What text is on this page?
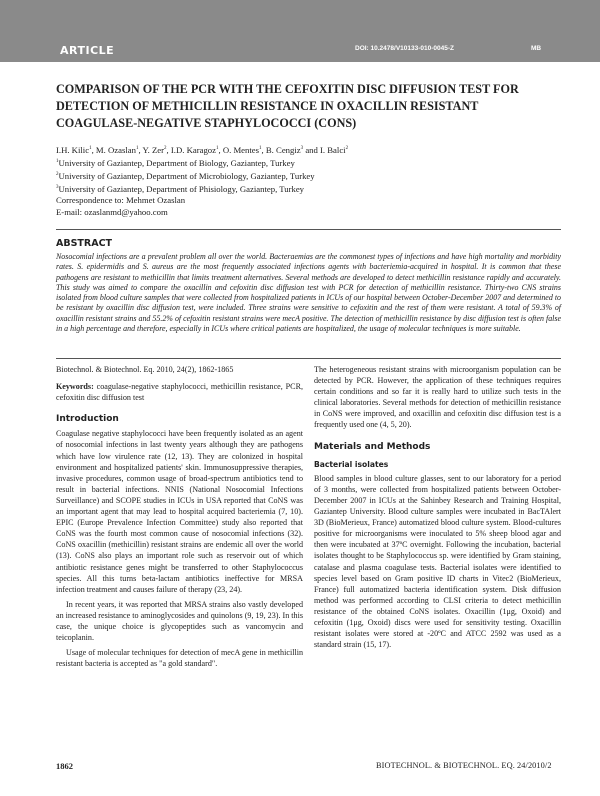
ARTICLE	DOI: 10.2478/V10133-010-0045-Z	MB
COMPARISON OF THE PCR WITH THE CEFOXITIN DISC DIFFUSION TEST FOR DETECTION OF METHICILLIN RESISTANCE IN OXACILLIN RESISTANT COAGULASE-NEGATIVE STAPHYLOCOCCI (CONS)
I.H. Kilic$^1$, M. Ozaslan$^1$, Y. Zer$^2$, I.D. Karagoz$^1$, O. Mentes$^1$, B. Cengiz$^3$ and I. Balci$^2$
$^1$University of Gaziantep, Department of Biology, Gaziantep, Turkey
$^2$University of Gaziantep, Department of Microbiology, Gaziantep, Turkey
$^3$University of Gaziantep, Department of Phisiology, Gaziantep, Turkey
Correspondence to: Mehmet Ozaslan
E-mail: ozaslanmd@yahoo.com
ABSTRACT

Nosocomial infections are a prevalent problem all over the world. Bacteraemias are the commonest types of infections and have high mortality and morbidity rates. S. epidermidis and S. aureus are the most frequently associated infections agents with bacteriemia-acquired in hospital. It is common that these pathogens are resistant to methicillin that limits treatment alternatives. Several methods are developed to detect methicillin resistance rapidly and accurately. This study was aimed to compare the oxacillin and cefoxitin disc diffusion test with PCR for detection of methicillin resistance. Thirty-two CNS strains isolated from blood culture samples that were collected from hospitalized patients in ICUs of our hospital between October-December 2007 and determined to be resistant by oxacillin disc diffusion test, were included. Three strains were sensitive to cefoxitin and the rest of them were resistant. A total of 59.3% of oxacillin resistant strains and 55.2% of cefoxitin resistant strains were mecA positive. The detection of methicillin resistance by disc diffusion test is often false in a high percentage and therefore, especially in ICUs where critical patients are hospitalized, the usage of molecular techniques is more suitable.

Biotechnol. & Biotechnol. Eq. 2010, 24(2), 1862-1865

Keywords: coagulase-negative staphylococci, methicillin resistance, PCR, cefoxitin disc diffusion test

Introduction

Coagulase negative staphylococci have been frequently isolated as an agent of nosocomial infections in last twenty years although they are pathogens which have low virulence rate (12, 13). They are colonized in hospital environment and hospitalized patients' skin. Immunosuppressive therapies, invasive procedures, common usage of broad-spectrum antibiotics tend to result in bacterial infections. NNIS (National Nosocomial Infections Surveillance) and SCOPE studies in ICUs in USA reported that CoNS was an important agent that may lead to hospital acquired bacteriemia (7, 10). EPIC (Europe Prevalence Infection Committee) study also reported that CoNS was the fourth most common cause of nosocomial infections (32). CoNS oxacillin (methicillin) resistant strains are endemic all over the world (13). CoNS also plays an important role such as reservoir out of which antibiotic resistance genes might be transferred to other Staphylococcus species. All this turns beta-lactam antibiotics ineffective for MRSA infection treatment and causes failure of therapy (23, 24).

In recent years, it was reported that MRSA strains also vastly developed an increased resistance to aminoglycosides and quinolons (9, 19, 23). In this case, the unique choice is glycopeptides such as vancomycin and teicoplanin.

Usage of molecular techniques for detection of mecA gene in methicillin resistant bacteria is accepted as "a gold standard".

The heterogeneous resistant strains with microorganism population can be detected by PCR. However, the application of these techniques requires certain conditions and so far it is really hard to utilize such tests in the clinical laboratories. Several methods for detection of methicillin resistance in CoNS were improved, and oxacillin and cefoxitin disc diffusion test is a frequently used one (4, 5, 20).

Materials and Methods
Bacterial isolates

Blood samples in blood culture glasses, sent to our laboratory for a period of 3 months, were collected from hospitalized patients between October-December 2007 in ICUs at the Sahinbey Research and Training Hospital, Gaziantep University. Blood culture samples were incubated in BacTAlert 3D (BioMerieux, France) automatized blood culture system. Blood-cultures positive for microorganisms were inoculated to 5% sheep blood agar and then were incubated at 37ºC overnight. Following the incubation, bacterial isolates thought to be Staphylococcus sp. were identified by Gram staining, catalase and plasma coagulase tests. Bacterial isolates were identified to species level based on Gram positive ID charts in Vitec2 (BioMerieux, France) full automatized bacteria identification system. Disk diffusion method was performed according to CLSI criteria to detect methicillin resistance of the obtained CoNS isolates. Oxacillin (1μg, Oxoid) and cefoxitin (1μg, Oxoid) discs were used for sensitivity testing. Oxacillin resistant isolates were stored at -20ºC and ATCC 2592 was used as a standard strain (15, 17).

1862	BIOTECHNOL. & BIOTECHNOL. EQ. 24/2010/2
